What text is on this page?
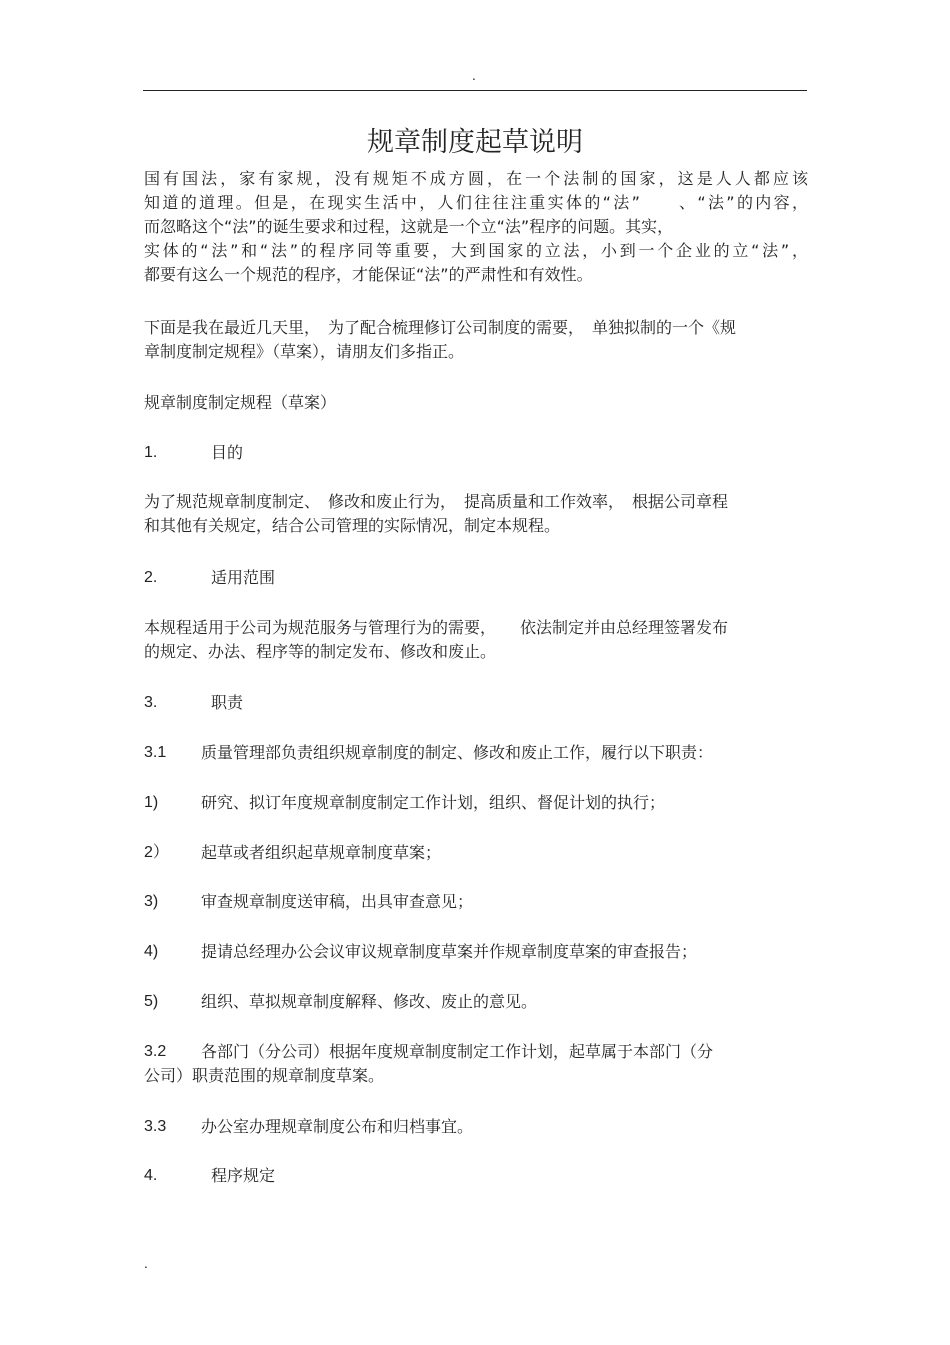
.
规章制度起草说明
国有国法，家有家规，没有规矩不成方圆，在一个法制的国家，这是人人都应该
知道的道理。但是，在现实生活中，人们往往注重实体的“法”　　、“法”的内容，
而忽略这个“法”的诞生要求和过程，这就是一个立“法”程序的问题。其实，
实体的“法”和“法”的程序同等重要，大到国家的立法，小到一个企业的立“法”，
都要有这么一个规范的程序，才能保证“法”的严肃性和有效性。
下面是我在最近几天里，　为了配合梳理修订公司制度的需要，　单独拟制的一个《规
章制度制定规程》（草案），请朋友们多指正。
规章制度制定规程（草案）
1.	目的
为了规范规章制度制定、　修改和废止行为，　提高质量和工作效率，　根据公司章程
和其他有关规定，结合公司管理的实际情况，制定本规程。
2.	适用范围
本规程适用于公司为规范服务与管理行为的需要，　　依法制定并由总经理签署发布
的规定、办法、程序等的制定发布、修改和废止。
3.	职责
3.1 质量管理部负责组织规章制度的制定、修改和废止工作，履行以下职责：
1)	研究、拟订年度规章制度制定工作计划，组织、督促计划的执行；
2） 起草或者组织起草规章制度草案；
3)	审查规章制度送审稿，出具审查意见；
4)	提请总经理办公会议审议规章制度草案并作规章制度草案的审查报告；
5)	组织、草拟规章制度解释、修改、废止的意见。
3.2 各部门（分公司）根据年度规章制度制定工作计划，起草属于本部门（分
公司）职责范围的规章制度草案。
3.3 办公室办理规章制度公布和归档事宜。
4.	程序规定
.
